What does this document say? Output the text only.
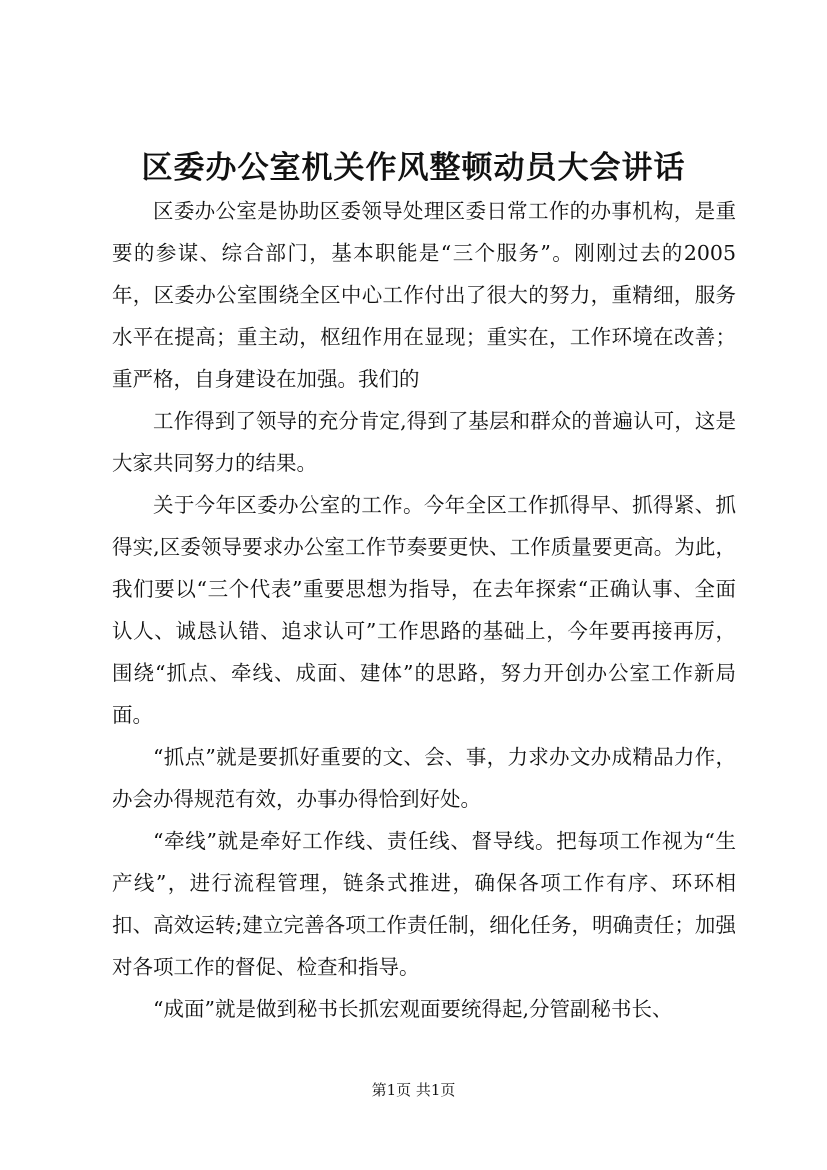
区委办公室机关作风整顿动员大会讲话

区委办公室是协助区委领导处理区委日常工作的办事机构，是重要的参谋、综合部门，基本职能是“三个服务”。刚刚过去的2005年，区委办公室围绕全区中心工作付出了很大的努力，重精细，服务水平在提高；重主动，枢纽作用在显现；重实在，工作环境在改善；重严格，自身建设在加强。我们的

工作得到了领导的充分肯定,得到了基层和群众的普遍认可，这是大家共同努力的结果。

关于今年区委办公室的工作。今年全区工作抓得早、抓得紧、抓得实,区委领导要求办公室工作节奏要更快、工作质量要更高。为此，我们要以“三个代表”重要思想为指导，在去年探索“正确认事、全面认人、诚恳认错、追求认可”工作思路的基础上，今年要再接再厉，围绕“抓点、牵线、成面、建体”的思路，努力开创办公室工作新局面。

“抓点”就是要抓好重要的文、会、事，力求办文办成精品力作，办会办得规范有效，办事办得恰到好处。

“牵线”就是牵好工作线、责任线、督导线。把每项工作视为“生产线”，进行流程管理，链条式推进，确保各项工作有序、环环相扣、高效运转;建立完善各项工作责任制，细化任务，明确责任；加强对各项工作的督促、检查和指导。

“成面”就是做到秘书长抓宏观面要统得起,分管副秘书长、

第1页 共1页
